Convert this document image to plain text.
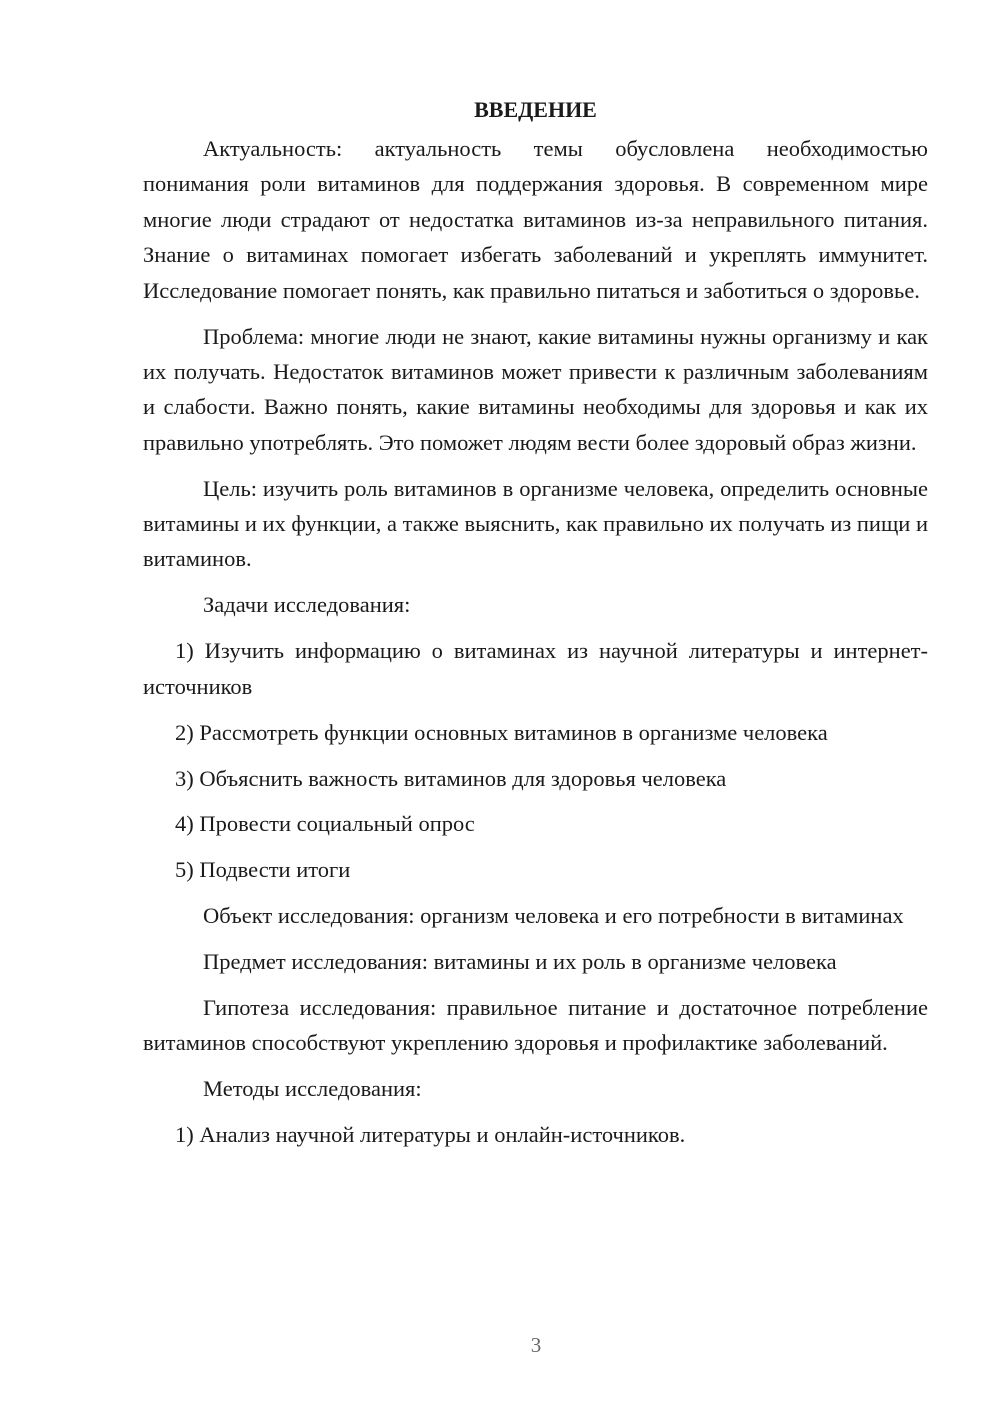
ВВЕДЕНИЕ

Актуальность: актуальность темы обусловлена необходимостью понимания роли витаминов для поддержания здоровья. В современном мире многие люди страдают от недостатка витаминов из-за неправильного питания. Знание о витаминах помогает избегать заболеваний и укреплять иммунитет. Исследование помогает понять, как правильно питаться и заботиться о здоровье.

Проблема: многие люди не знают, какие витамины нужны организму и как их получать. Недостаток витаминов может привести к различным заболеваниям и слабости. Важно понять, какие витамины необходимы для здоровья и как их правильно употреблять. Это поможет людям вести более здоровый образ жизни.

Цель: изучить роль витаминов в организме человека, определить основные витамины и их функции, а также выяснить, как правильно их получать из пищи и витаминов.

Задачи исследования:

1) Изучить информацию о витаминах из научной литературы и интернет-источников

2) Рассмотреть функции основных витаминов в организме человека

3) Объяснить важность витаминов для здоровья человека

4) Провести социальный опрос

5) Подвести итоги

Объект исследования: организм человека и его потребности в витаминах

Предмет исследования: витамины и их роль в организме человека

Гипотеза исследования: правильное питание и достаточное потребление витаминов способствуют укреплению здоровья и профилактике заболеваний.

Методы исследования:

1) Анализ научной литературы и онлайн-источников.

3
